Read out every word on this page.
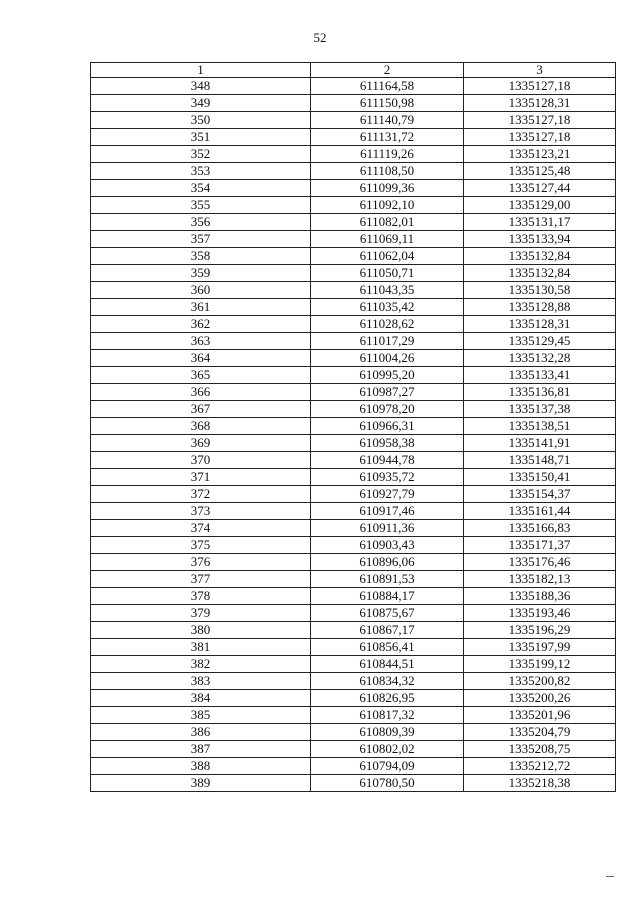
52
1	2	3
348	611164,58	1335127,18
349	611150,98	1335128,31
350	611140,79	1335127,18
351	611131,72	1335127,18
352	611119,26	1335123,21
353	611108,50	1335125,48
354	611099,36	1335127,44
355	611092,10	1335129,00
356	611082,01	1335131,17
357	611069,11	1335133,94
358	611062,04	1335132,84
359	611050,71	1335132,84
360	611043,35	1335130,58
361	611035,42	1335128,88
362	611028,62	1335128,31
363	611017,29	1335129,45
364	611004,26	1335132,28
365	610995,20	1335133,41
366	610987,27	1335136,81
367	610978,20	1335137,38
368	610966,31	1335138,51
369	610958,38	1335141,91
370	610944,78	1335148,71
371	610935,72	1335150,41
372	610927,79	1335154,37
373	610917,46	1335161,44
374	610911,36	1335166,83
375	610903,43	1335171,37
376	610896,06	1335176,46
377	610891,53	1335182,13
378	610884,17	1335188,36
379	610875,67	1335193,46
380	610867,17	1335196,29
381	610856,41	1335197,99
382	610844,51	1335199,12
383	610834,32	1335200,82
384	610826,95	1335200,26
385	610817,32	1335201,96
386	610809,39	1335204,79
387	610802,02	1335208,75
388	610794,09	1335212,72
389	610780,50	1335218,38
